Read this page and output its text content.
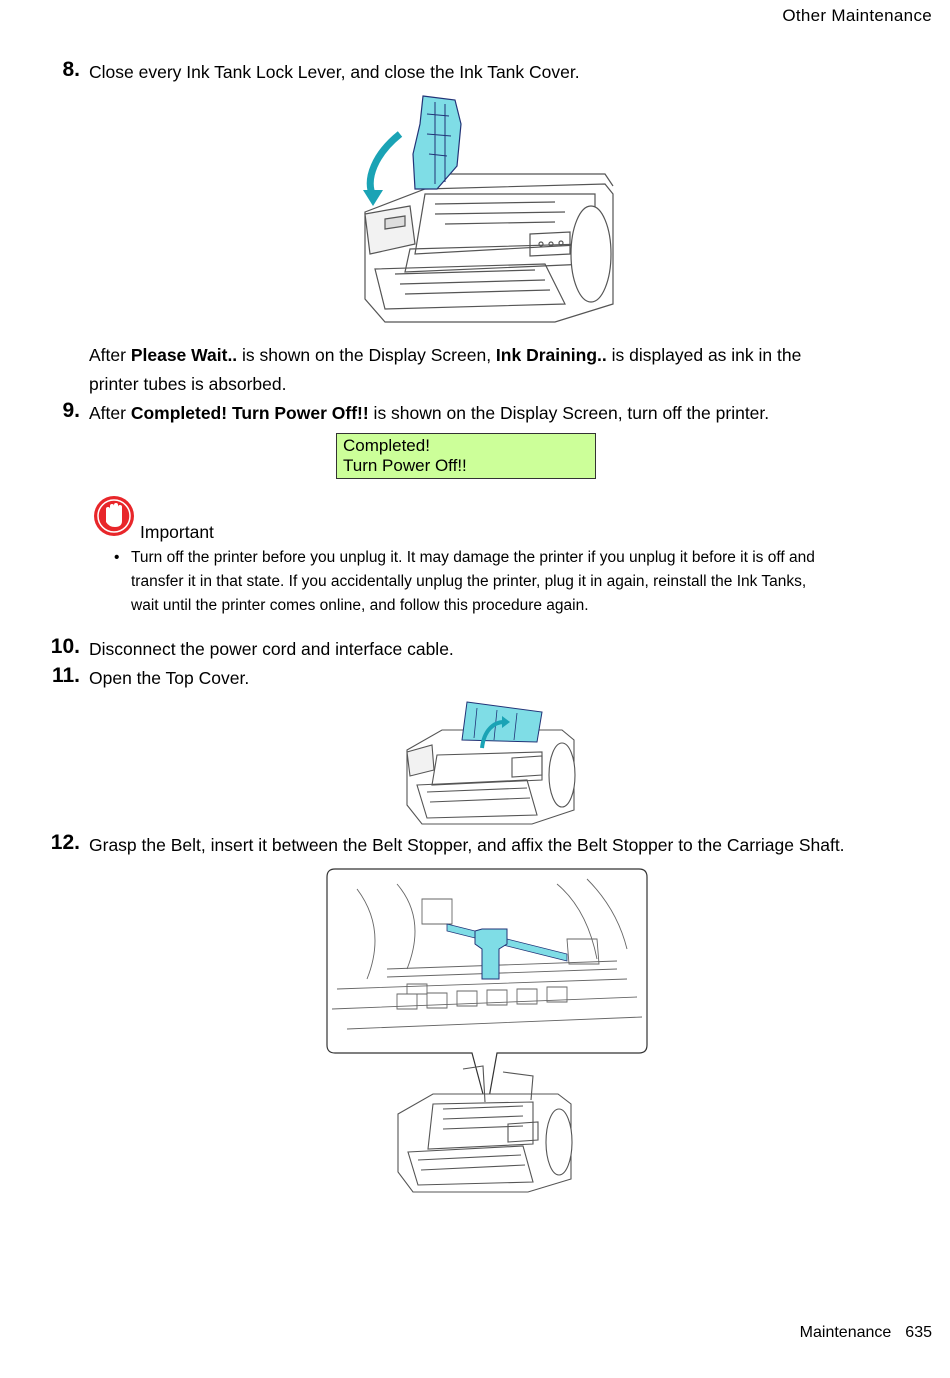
Other Maintenance
8. Close every Ink Tank Lock Lever, and close the Ink Tank Cover.
After Please Wait.. is shown on the Display Screen, Ink Draining.. is displayed as ink in the
printer tubes is absorbed.
9. After Completed! Turn Power Off!! is shown on the Display Screen, turn off the printer.
Completed!
Turn Power Off!!
Important
• Turn off the printer before you unplug it. It may damage the printer if you unplug it before it is off and
transfer it in that state. If you accidentally unplug the printer, plug it in again, reinstall the Ink Tanks,
wait until the printer comes online, and follow this procedure again.
10. Disconnect the power cord and interface cable.
11. Open the Top Cover.
12. Grasp the Belt, insert it between the Belt Stopper, and affix the Belt Stopper to the Carriage Shaft.
Maintenance 635
